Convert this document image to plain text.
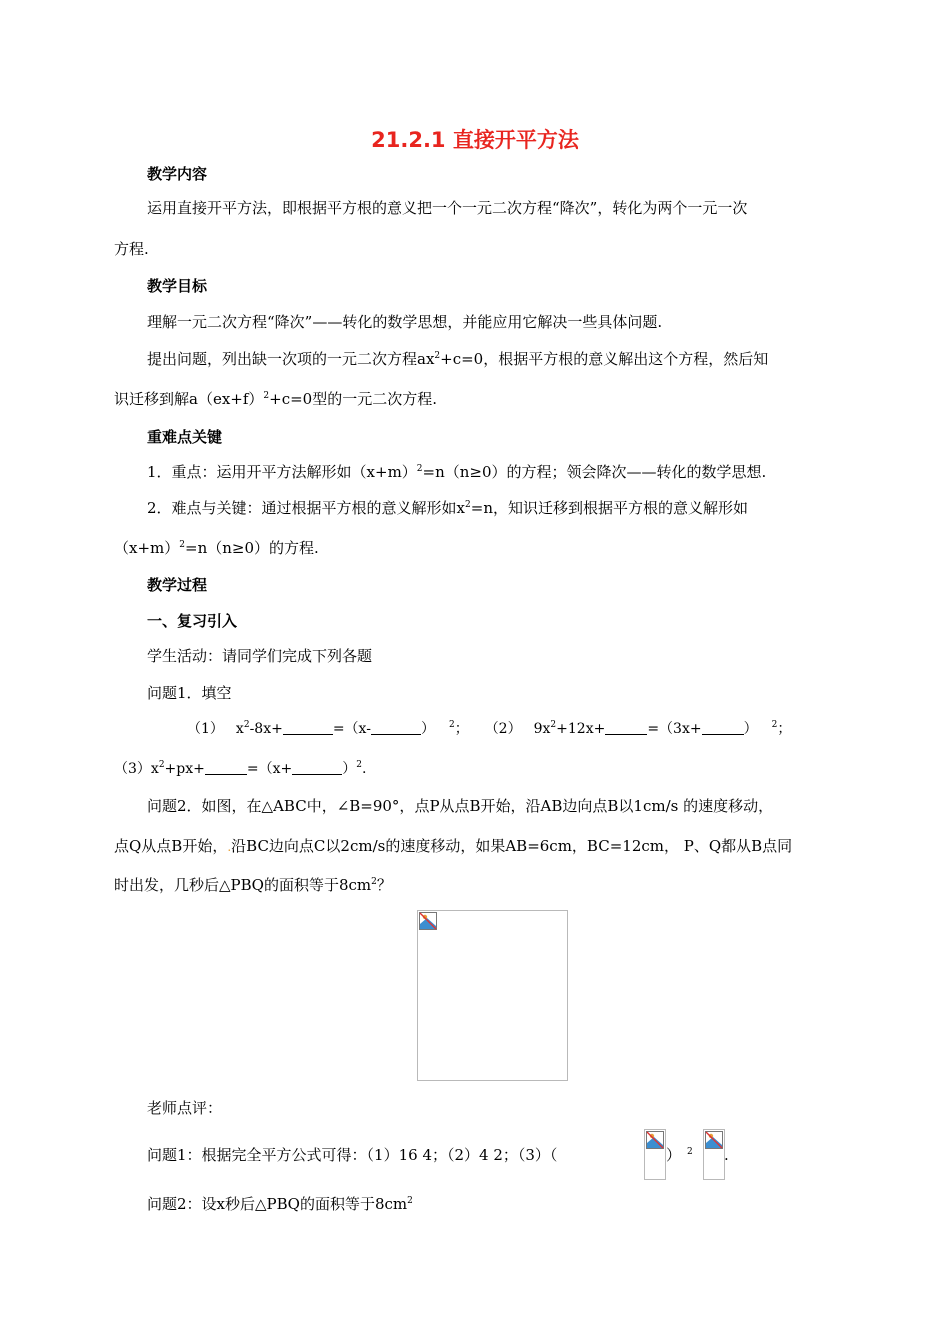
21.2.1 直接开平方法
教学内容
运用直接开平方法，即根据平方根的意义把一个一元二次方程“降次”，转化为两个一元一次
方程.
教学目标
理解一元二次方程“降次”——转化的数学思想，并能应用它解决一些具体问题.
提出问题，列出缺一次项的一元二次方程$ax^2+c=0$，根据平方根的意义解出这个方程，然后知
识迁移到解$a(ex+f)^2+c=0$型的一元二次方程.
重难点关键
1．重点：运用开平方法解形如$(x+m)^2=n(n\ge 0)$的方程；领会降次——转化的数学思想.
2．难点与关键：通过根据平方根的意义解形如$x^2=n$，知识迁移到根据平方根的意义解形如
$(x+m)^2=n(n\ge 0)$的方程.
教学过程
一、复习引入
学生活动：请同学们完成下列各题
问题1．填空
（1） $x^2-8x+$	=（x-	） $^2$； （2） $9x^2+12x+$	=（3x+	） $^2$；
$(3)x^2+px+$	=（x+	）$^2$.
问题2．如图，在△ABC中，∠B=90°，点P从点B开始，沿AB边向点B以1cm/s 的速度移动，
点Q从点B开始，.沿BC边向点C以2cm/s的速度移动，如果AB=6cm，BC=12cm， P、Q都从B点同
时出发，几秒后△PBQ的面积等于$8cm^2$？
老师点评：
问题1：根据完全平方公式可得：（1）16 4；（2）4 2；（3）（	） $^2$ .
问题2：设x秒后△PBQ的面积等于$8cm^2$
